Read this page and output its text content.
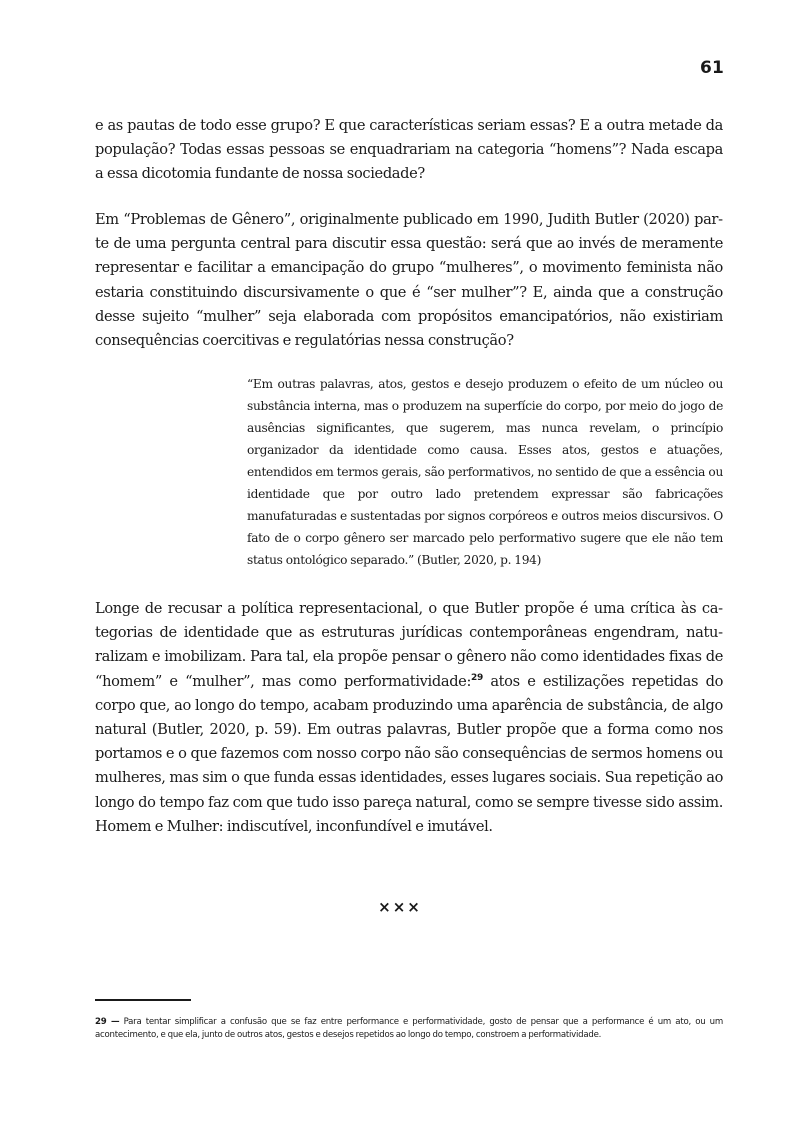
61

e as pautas de todo esse grupo? E que características seriam essas? E a outra metade da população? Todas essas pessoas se enquadrariam na categoria “homens”? Nada escapa a essa dicotomia fundante de nossa sociedade?

Em “Problemas de Gênero”, originalmente publicado em 1990, Judith Butler (2020) parte de uma pergunta central para discutir essa questão: será que ao invés de meramente representar e facilitar a emancipação do grupo “mulheres”, o movimento feminista não estaria constituindo discursivamente o que é “ser mulher”? E, ainda que a construção desse sujeito “mulher” seja elaborada com propósitos emancipatórios, não existiriam consequências coercitivas e regulatórias nessa construção?

“Em outras palavras, atos, gestos e desejo produzem o efeito de um núcleo ou substância interna, mas o produzem na superfície do corpo, por meio do jogo de ausências significantes, que sugerem, mas nunca revelam, o princípio organizador da identidade como causa. Esses atos, gestos e atuações, entendidos em termos gerais, são performativos, no sentido de que a essência ou identidade que por outro lado pretendem expressar são fabricações manufaturadas e sustentadas por signos corpóreos e outros meios discursivos. O fato de o corpo gênero ser marcado pelo performativo sugere que ele não tem status ontológico separado.” (Butler, 2020, p. 194)

Longe de recusar a política representacional, o que Butler propõe é uma crítica às categorias de identidade que as estruturas jurídicas contemporâneas engendram, naturalizam e imobilizam. Para tal, ela propõe pensar o gênero não como identidades fixas de “homem” e “mulher”, mas como performatividade:$^{29}$ atos e estilizações repetidas do corpo que, ao longo do tempo, acabam produzindo uma aparência de substância, de algo natural (Butler, 2020, p. 59). Em outras palavras, Butler propõe que a forma como nos portamos e o que fazemos com nosso corpo não são consequências de sermos homens ou mulheres, mas sim o que funda essas identidades, esses lugares sociais. Sua repetição ao longo do tempo faz com que tudo isso pareça natural, como se sempre tivesse sido assim. Homem e Mulher: indiscutível, inconfundível e imutável.

×××

29 — Para tentar simplificar a confusão que se faz entre performance e performatividade, gosto de pensar que a performance é um ato, ou um acontecimento, e que ela, junto de outros atos, gestos e desejos repetidos ao longo do tempo, constroem a performatividade.
